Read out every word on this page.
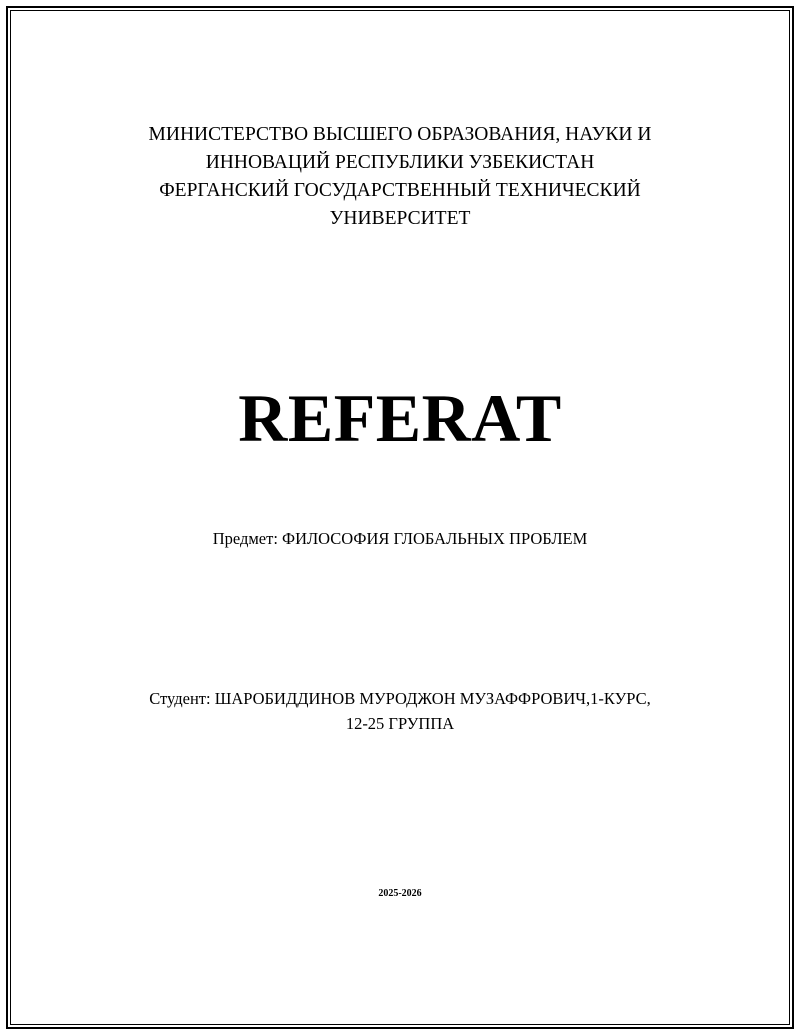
МИНИСТЕРСТВО ВЫСШЕГО ОБРАЗОВАНИЯ, НАУКИ И
ИННОВАЦИЙ РЕСПУБЛИКИ УЗБЕКИСТАН
ФЕРГАНСКИЙ ГОСУДАРСТВЕННЫЙ ТЕХНИЧЕСКИЙ
УНИВЕРСИТЕТ
REFERAT
Предмет: ФИЛОСОФИЯ ГЛОБАЛЬНЫХ ПРОБЛЕМ
Студент: ШАРОБИДДИНОВ МУРОДЖОН МУЗАФФРОВИЧ,1-КУРС,
12-25 ГРУППА
2025-2026
